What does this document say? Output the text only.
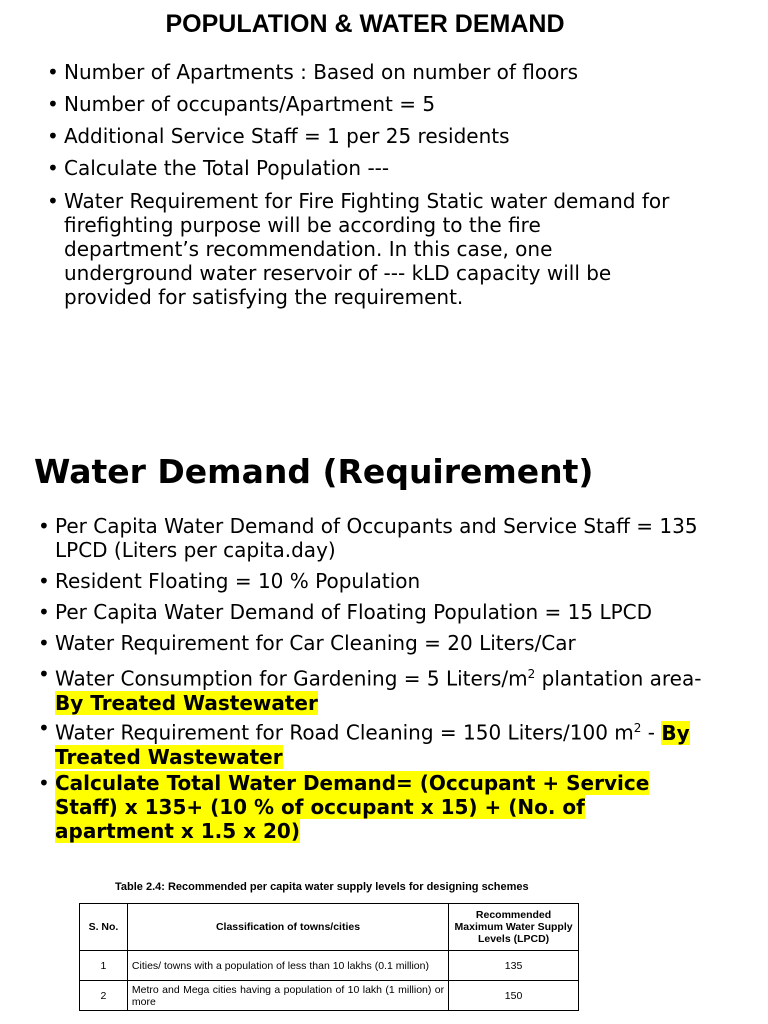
POPULATION & WATER DEMAND
• Number of Apartments : Based on number of floors
• Number of occupants/Apartment = 5
• Additional Service Staff = 1 per 25 residents
• Calculate the Total Population ---
• Water Requirement for Fire Fighting Static water demand for firefighting purpose will be according to the fire department’s recommendation. In this case, one underground water reservoir of --- kLD capacity will be provided for satisfying the requirement.
Water Demand (Requirement)
• Per Capita Water Demand of Occupants and Service Staff = 135 LPCD (Liters per capita.day)
• Resident Floating = 10 % Population
• Per Capita Water Demand of Floating Population = 15 LPCD
• Water Requirement for Car Cleaning = 20 Liters/Car
• Water Consumption for Gardening = 5 Liters/$m^2$ plantation area-
By Treated Wastewater
• Water Requirement for Road Cleaning = 150 Liters/100 $m^2$ - By Treated Wastewater
• Calculate Total Water Demand= (Occupant + Service Staff) x 135+ (10 % of occupant x 15) + (No. of apartment x 1.5 x 20)
Table 2.4: Recommended per capita water supply levels for designing schemes
S. No.	Classification of towns/cities	Recommended Maximum Water Supply Levels (LPCD)
1	Cities/ towns with a population of less than 10 lakhs (0.1 million)	135
2	Metro and Mega cities having a population of 10 lakh (1 million) or more	150
